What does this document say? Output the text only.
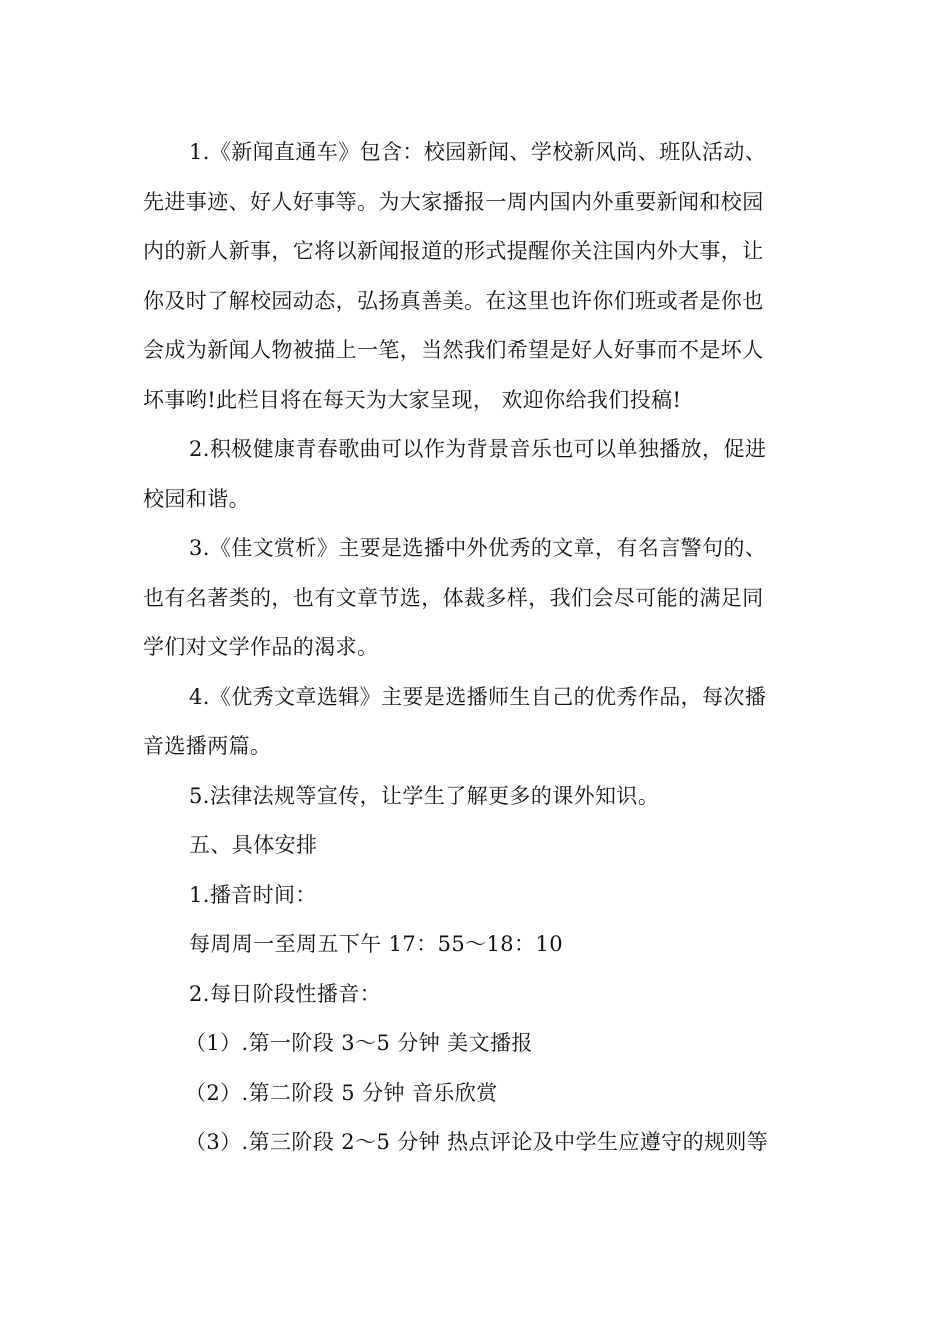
1.《新闻直通车》包含：校园新闻、学校新风尚、班队活动、
先进事迹、好人好事等。为大家播报一周内国内外重要新闻和校园
内的新人新事，它将以新闻报道的形式提醒你关注国内外大事，让
你及时了解校园动态，弘扬真善美。在这里也许你们班或者是你也
会成为新闻人物被描上一笔，当然我们希望是好人好事而不是坏人
坏事哟!此栏目将在每天为大家呈现， 欢迎你给我们投稿!
2.积极健康青春歌曲可以作为背景音乐也可以单独播放，促进
校园和谐。
3.《佳文赏析》主要是选播中外优秀的文章，有名言警句的、
也有名著类的，也有文章节选，体裁多样，我们会尽可能的满足同
学们对文学作品的渴求。
4.《优秀文章选辑》主要是选播师生自己的优秀作品，每次播
音选播两篇。
5.法律法规等宣传，让学生了解更多的课外知识。
五、具体安排
1.播音时间：
每周周一至周五下午 17：55～18：10
2.每日阶段性播音：
（1）.第一阶段 3～5 分钟 美文播报
（2）.第二阶段 5 分钟 音乐欣赏
（3）.第三阶段 2～5 分钟 热点评论及中学生应遵守的规则等
